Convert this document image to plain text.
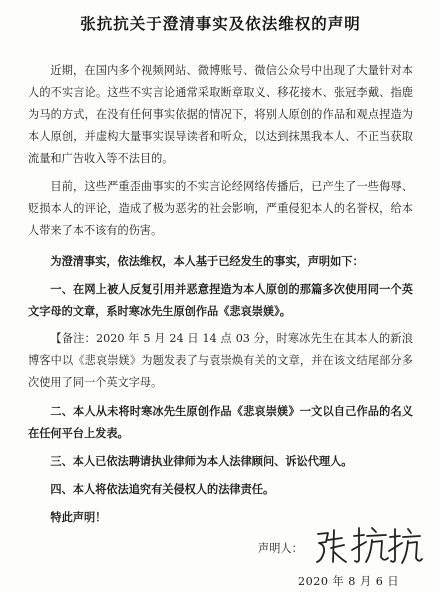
张抗抗关于澄清事实及依法维权的声明

近期，在国内多个视频网站、微博账号、微信公众号中出现了大量针对本人的不实言论。这些不实言论通常采取断章取义、移花接木、张冠李戴、指鹿为马的方式，在没有任何事实依据的情况下，将别人原创的作品和观点捏造为本人原创，并虚构大量事实误导读者和听众，以达到抹黑我本人、不正当获取流量和广告收入等不法目的。

目前，这些严重歪曲事实的不实言论经网络传播后，已产生了一些侮辱、贬损本人的评论，造成了极为恶劣的社会影响，严重侵犯本人的名誉权，给本人带来了本不该有的伤害。

为澄清事实，依法维权，本人基于已经发生的事实，声明如下：

一、在网上被人反复引用并恶意捏造为本人原创的那篇多次使用同一个英文字母的文章，系时寒冰先生原创作品《悲哀崇媄》。

【备注：2020 年 5 月 24 日 14 点 03 分，时寒冰先生在其本人的新浪博客中以《悲哀崇媄》为题发表了与袁崇焕有关的文章，并在该文结尾部分多次使用了同一个英文字母。

二、本人从未将时寒冰先生原创作品《悲哀崇媄》一文以自己作品的名义在任何平台上发表。

三、本人已依法聘请执业律师为本人法律顾问、诉讼代理人。

四、本人将依法追究有关侵权人的法律责任。

特此声明！

声明人：
2020 年 8 月 6 日
